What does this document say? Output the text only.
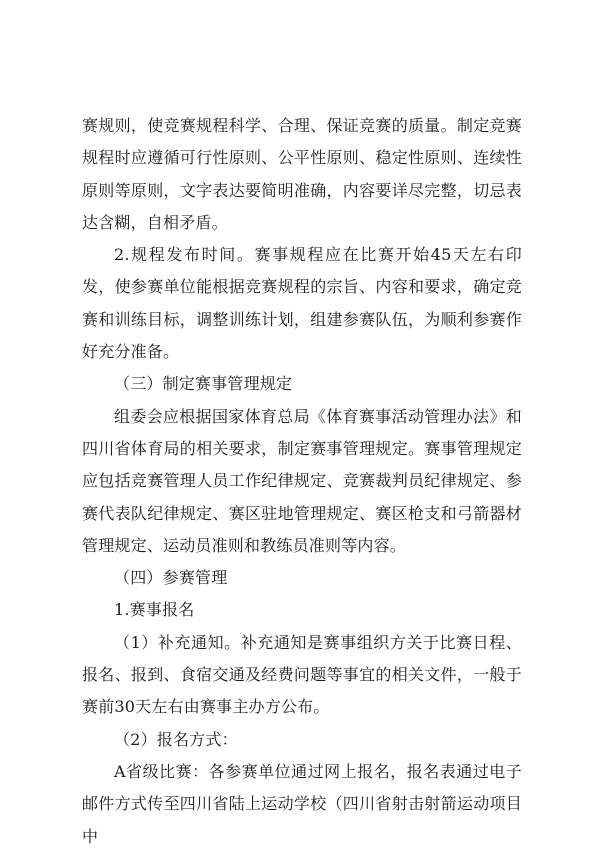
赛规则，使竞赛规程科学、合理、保证竞赛的质量。制定竞赛规程时应遵循可行性原则、公平性原则、稳定性原则、连续性原则等原则，文字表达要简明准确，内容要详尽完整，切忌表达含糊，自相矛盾。

2.规程发布时间。赛事规程应在比赛开始45天左右印发，使参赛单位能根据竞赛规程的宗旨、内容和要求，确定竞赛和训练目标，调整训练计划，组建参赛队伍，为顺利参赛作好充分准备。

（三）制定赛事管理规定

组委会应根据国家体育总局《体育赛事活动管理办法》和四川省体育局的相关要求，制定赛事管理规定。赛事管理规定应包括竞赛管理人员工作纪律规定、竞赛裁判员纪律规定、参赛代表队纪律规定、赛区驻地管理规定、赛区枪支和弓箭器材管理规定、运动员准则和教练员准则等内容。

（四）参赛管理

1.赛事报名

（1）补充通知。补充通知是赛事组织方关于比赛日程、报名、报到、食宿交通及经费问题等事宜的相关文件，一般于赛前30天左右由赛事主办方公布。

（2）报名方式：

A省级比赛：各参赛单位通过网上报名，报名表通过电子邮件方式传至四川省陆上运动学校（四川省射击射箭运动项目中
